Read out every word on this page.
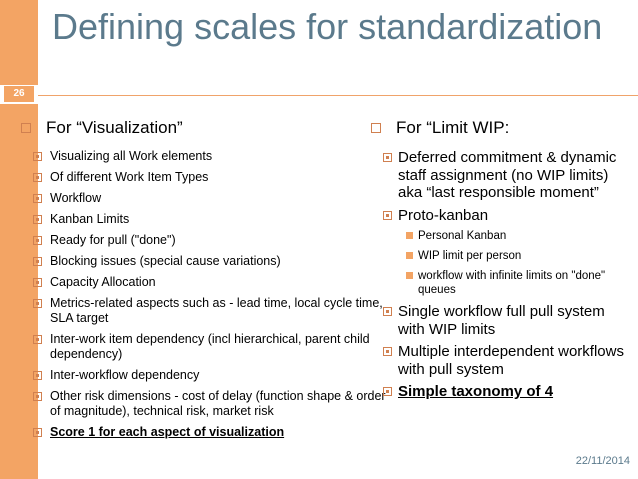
26
Defining scales for standardization
For “Visualization”
Visualizing all Work elements
Of different Work Item Types
Workflow
Kanban Limits
Ready for pull ("done")
Blocking issues (special cause variations)
Capacity Allocation
Metrics-related aspects such as - lead time, local cycle time, SLA target
Inter-work item dependency (incl hierarchical, parent child dependency)
Inter-workflow dependency
Other risk dimensions - cost of delay (function shape & order of magnitude), technical risk, market risk
Score 1 for each aspect of visualization
For “Limit WIP:
Deferred commitment & dynamic staff assignment (no WIP limits) aka “last responsible moment”
Proto-kanban
Personal Kanban
WIP limit per person
workflow with infinite limits on "done" queues
Single workflow full pull system with WIP limits
Multiple interdependent workflows with pull system
Simple taxonomy of 4
22/11/2014
